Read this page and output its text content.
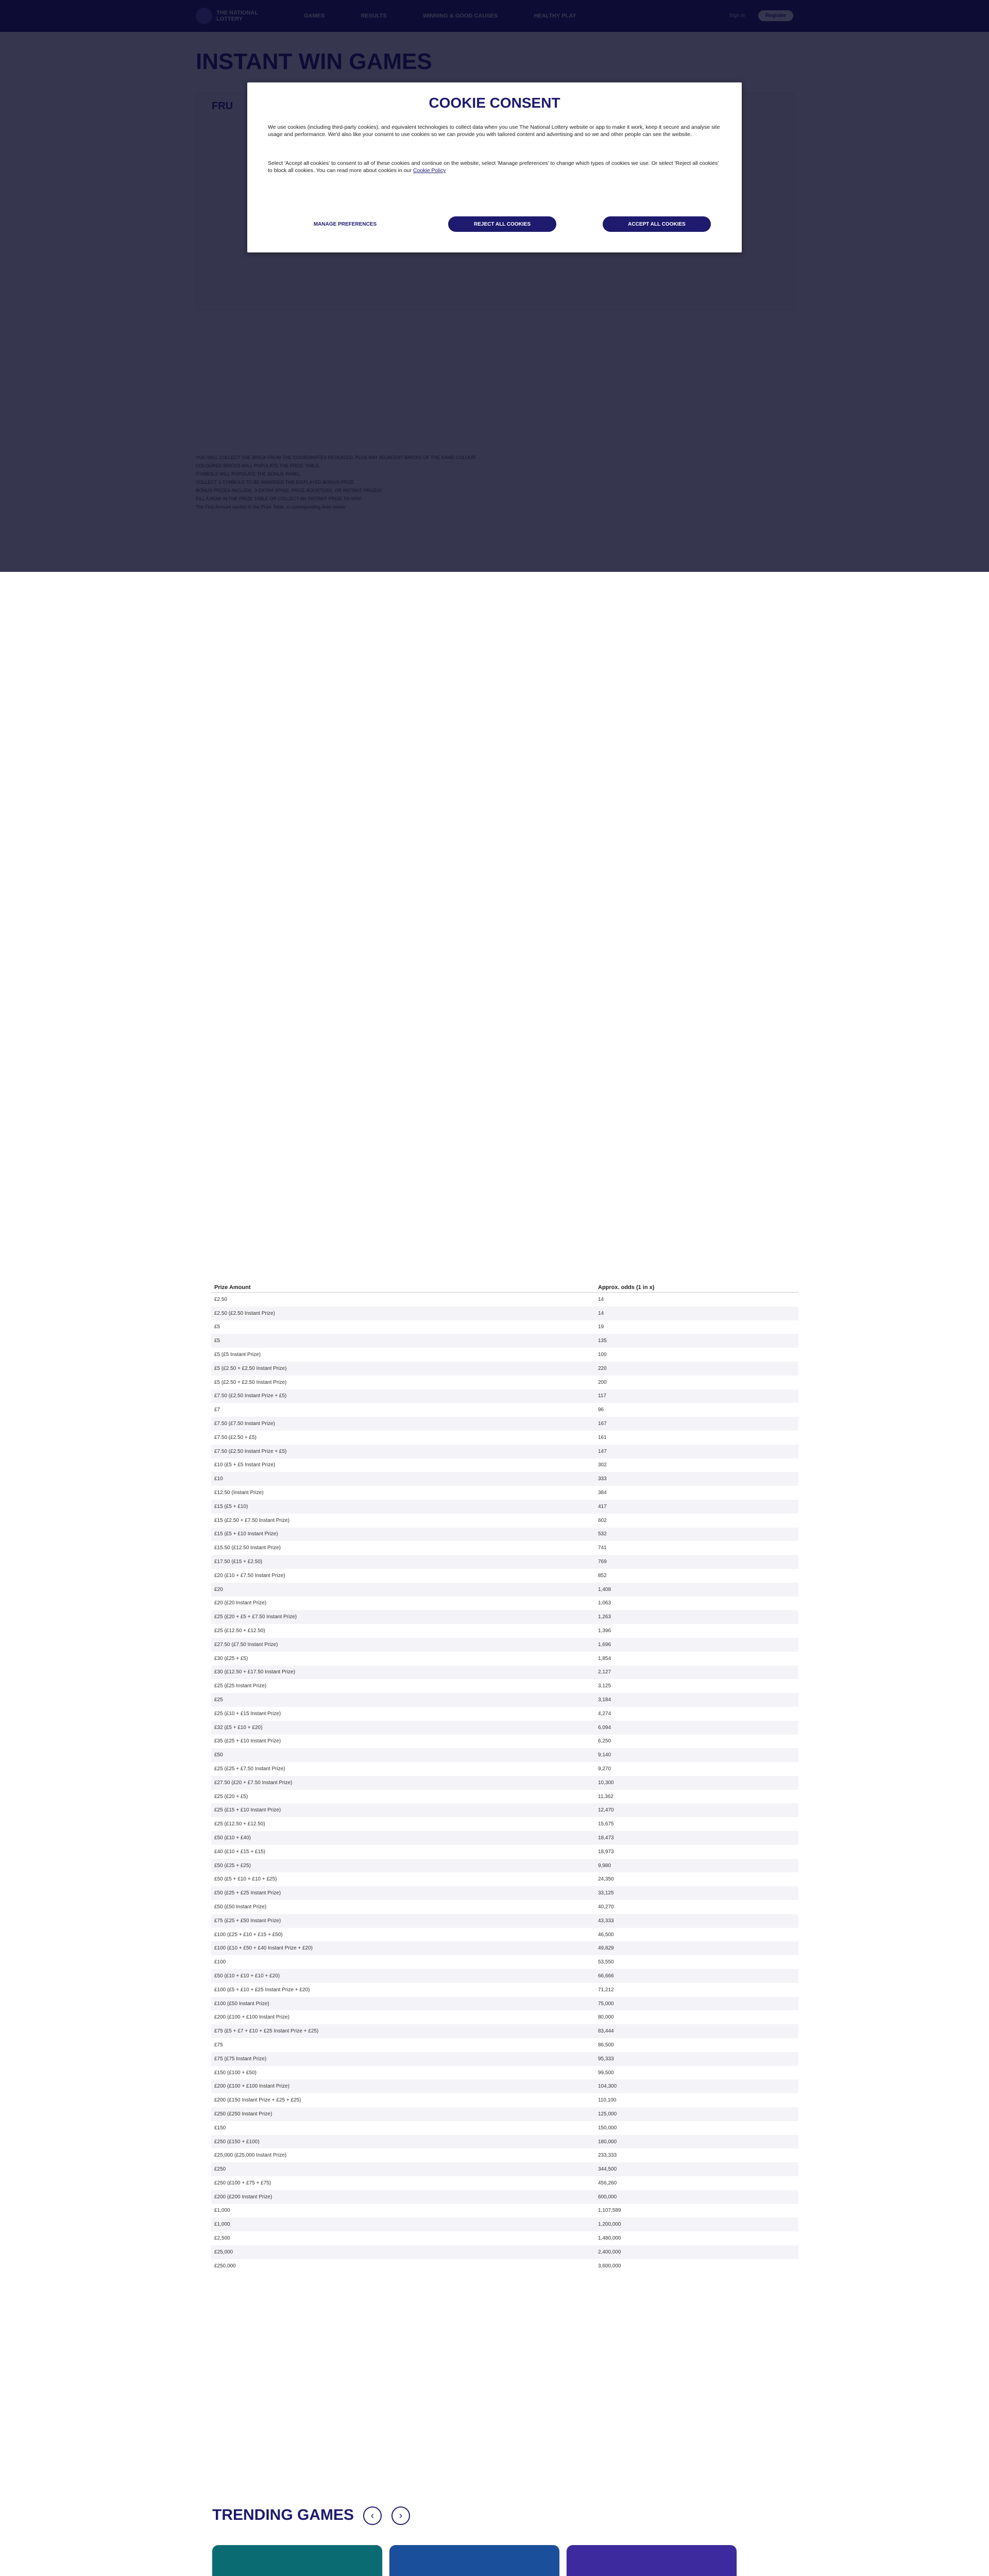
COOKIE CONSENT

We use cookies (including third-party cookies), and equivalent technologies to collect data when you use The National Lottery website or app to make it work, keep it secure and analyse site usage and performance. We'd also like your consent to use cookies so we can provide you with tailored content and advertising and so we and other people can see the website.

Select 'Accept all cookies' to consent to all of these cookies and continue on the website, select 'Manage preferences' to change which types of cookies we use. Or select 'Reject all cookies' to block all cookies. You can read more about cookies in our Cookie Policy

MANAGE PREFERENCES	REJECT ALL COOKIES	ACCEPT ALL COOKIES
Prize Amount	Approx. odds (1 in x)
£2.50	14
£2.50 (£2.50 Instant Prize)	14
£5	19
£5	135
£5 (£5 Instant Prize)	100
£5 (£2.50 + £2.50 Instant Prize)	220
£5 (£2.50 + £2.50 Instant Prize)	200
£7.50 (£2.50 Instant Prize + £5)	117
£7	96
£7.50 (£7.50 Instant Prize)	167
£7.50 (£2.50 + £5)	161
£7.50 (£2.50 Instant Prize + £5)	147
£10 (£5 + £5 Instant Prize)	302
£10	333
£12.50 (Instant Prize)	384
£15 (£5 + £10)	417
£15 (£2.50 + £7.50 Instant Prize)	602
£15 (£5 + £10 Instant Prize)	532
£15.50 (£12.50 Instant Prize)	741
£17.50 (£15 + £2.50)	769
£20 (£10 + £7.50 Instant Prize)	852
£20	1,408
£20 (£20 Instant Prize)	1,063
£25 (£20 + £5 + £7.50 Instant Prize)	1,263
£25 (£12.50 + £12.50)	1,396
£27.50 (£7.50 Instant Prize)	1,696
£30 (£25 + £5)	1,854
£30 (£12.50 + £17.50 Instant Prize)	2,127
£25 (£25 Instant Prize)	3,125
£25	3,184
£25 (£10 + £15 Instant Prize)	4,274
£32 (£5 + £10 + £20)	6,094
£35 (£25 + £10 Instant Prize)	6,250
£50	9,140
£25 (£25 + £7.50 Instant Prize)	9,270
£27.50 (£20 + £7.50 Instant Prize)	10,300
£25 (£20 + £5)	11,362
£25 (£15 + £10 Instant Prize)	12,470
£25 (£12.50 + £12.50)	15,675
£50 (£10 + £40)	18,473
£40 (£10 + £15 + £15)	18,973
£50 (£25 + £25)	9,980
£50 (£5 + £10 + £10 + £25)	24,350
£50 (£25 + £25 Instant Prize)	33,125
£50 (£50 Instant Prize)	40,270
£75 (£25 + £50 Instant Prize)	43,333
£100 (£25 + £10 + £15 + £50)	46,500
£100 (£10 + £50 + £40 Instant Prize + £20)	49,829
£100	53,550
£50 (£10 + £10 + £10 + £20)	66,666
£100 (£5 + £10 + £25 Instant Prize + £20)	71,212
£100 (£50 Instant Prize)	75,000
£200 (£100 + £100 Instant Prize)	80,000
£75 (£5 + £7 + £10 + £25 Instant Prize + £25)	83,444
£75	86,500
£75 (£75 Instant Prize)	95,333
£150 (£100 + £50)	99,500
£200 (£100 + £100 Instant Prize)	104,300
£200 (£150 Instant Prize + £25 + £25)	110,100
£250 (£250 Instant Prize)	125,000
£150	150,000
£250 (£150 + £100)	180,000
£25,000 (£25,000 Instant Prize)	233,333
£250	344,500
£250 (£100 + £75 + £75)	456,260
£200 (£200 Instant Prize)	600,000
£1,000	1,107,589
£1,000	1,200,000
£2,500	1,480,000
£25,000	2,400,000
£250,000	3,600,000
TRENDING GAMES	‹	›
